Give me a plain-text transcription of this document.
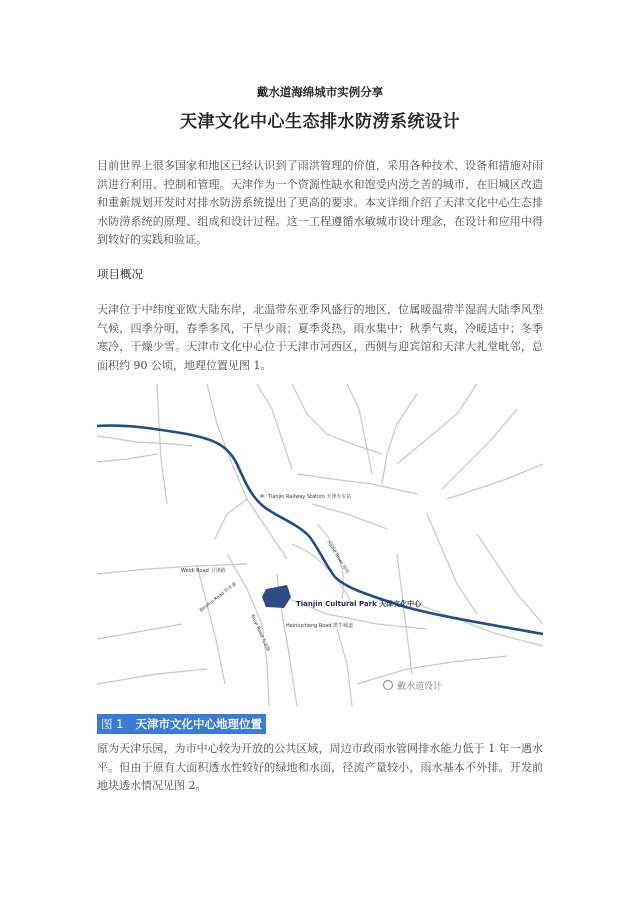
戴水道海绵城市实例分享
天津文化中心生态排水防涝系统设计

目前世界上很多国家和地区已经认识到了雨洪管理的价值，采用各种技术、设备和措施对雨洪进行利用、控制和管理。天津作为一个资源性缺水和饱受内涝之苦的城市，在旧城区改造和重新规划开发时对排水防涝系统提出了更高的要求。本文详细介绍了天津文化中心生态排水防涝系统的原理、组成和设计过程。这一工程遵循水敏城市设计理念，在设计和应用中得到较好的实践和验证。

项目概况

天津位于中纬度亚欧大陆东岸，北温带东亚季风盛行的地区，位属暖温带半湿润大陆季风型气候，四季分明，春季多风，干旱少雨；夏季炎热，雨水集中；秋季气爽，冷暖适中；冬季寒冷，干燥少雪。天津市文化中心位于天津市河西区，西侧与迎宾馆和天津大礼堂毗邻，总面积约 90 公顷，地理位置见图 1。

Tianjin Railway Station 天津火车站
Haihe River 海河
Weidi Road 卫津路
Binshui Road 宾水道
Youyi Road 友谊路
Tianjin Cultural Park 天津文化中心
Heiniucheng Road 黑牛城道
戴水道设计
图 1 天津市文化中心地理位置

原为天津乐园，为市中心较为开放的公共区域，周边市政雨水管网排水能力低于 1 年一遇水平。但由于原有大面积透水性较好的绿地和水面，径流产量较小，雨水基本不外排。开发前地块透水情况见图 2。
